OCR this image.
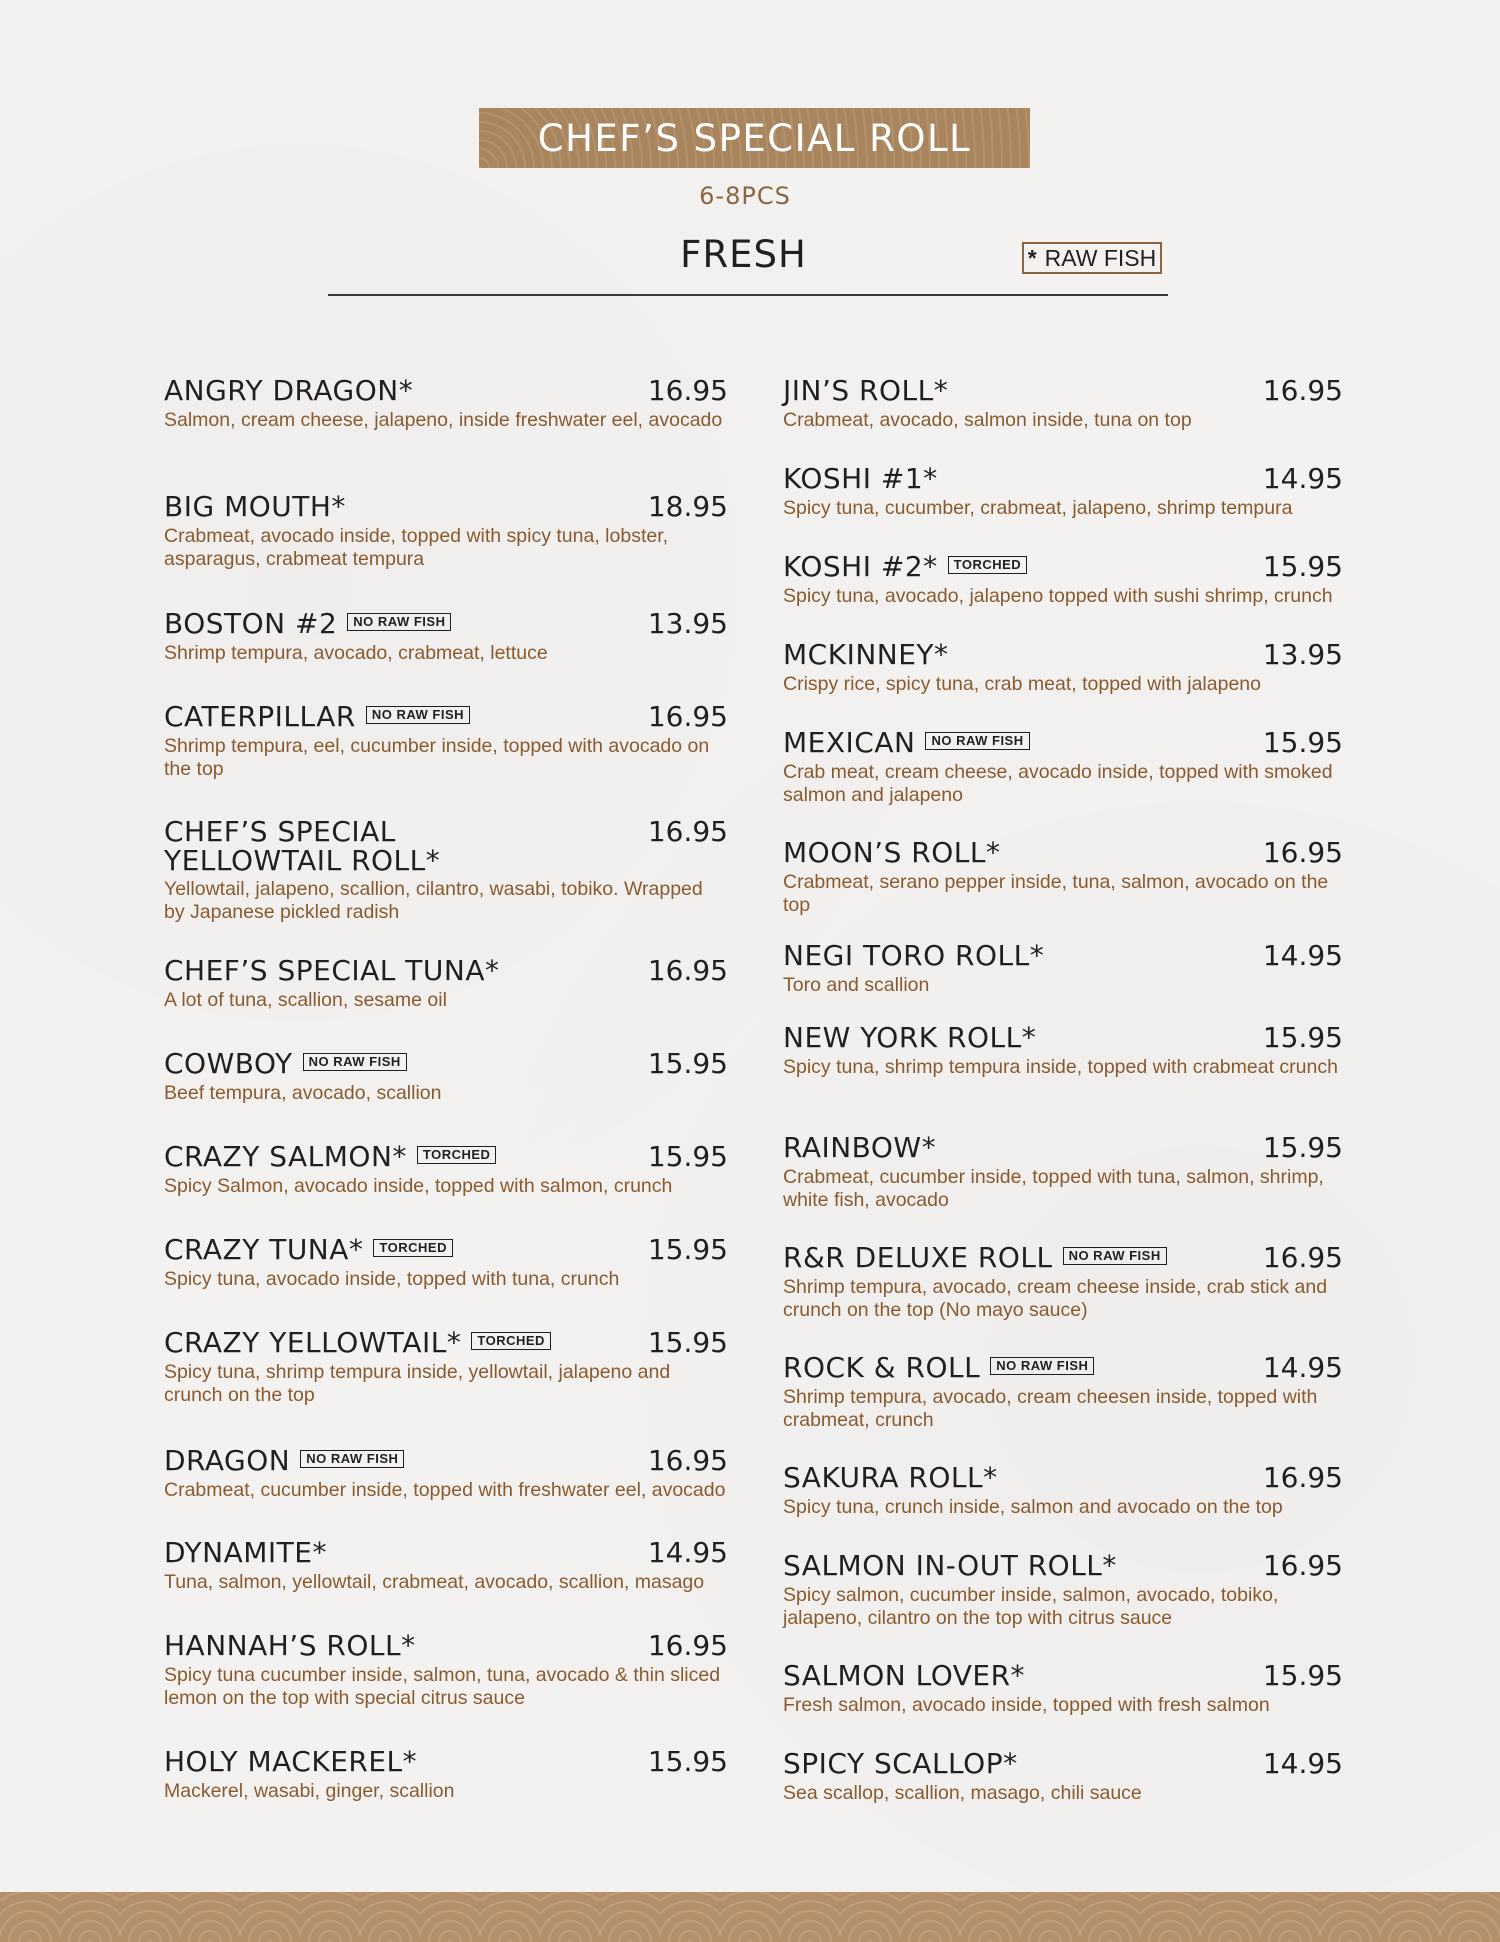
CHEF’S SPECIAL ROLL
6-8PCS
FRESH	* RAW FISH
ANGRY DRAGON*	16.95
Salmon, cream cheese, jalapeno, inside freshwater eel, avocado
BIG MOUTH*	18.95
Crabmeat, avocado inside, topped with spicy tuna, lobster, asparagus, crabmeat tempura
BOSTON #2 NO RAW FISH	13.95
Shrimp tempura, avocado, crabmeat, lettuce
CATERPILLAR NO RAW FISH	16.95
Shrimp tempura, eel, cucumber inside, topped with avocado on the top
CHEF’S SPECIAL YELLOWTAIL ROLL*
16.95
Yellowtail, jalapeno, scallion, cilantro, wasabi, tobiko. Wrapped by Japanese pickled radish
CHEF’S SPECIAL TUNA*	16.95
A lot of tuna, scallion, sesame oil
COWBOY NO RAW FISH	15.95
Beef tempura, avocado, scallion
CRAZY SALMON* TORCHED	15.95
Spicy Salmon, avocado inside, topped with salmon, crunch
CRAZY TUNA* TORCHED	15.95
Spicy tuna, avocado inside, topped with tuna, crunch
CRAZY YELLOWTAIL* TORCHED	15.95
Spicy tuna, shrimp tempura inside, yellowtail, jalapeno and crunch on the top
DRAGON NO RAW FISH	16.95
Crabmeat, cucumber inside, topped with freshwater eel, avocado
DYNAMITE*	14.95
Tuna, salmon, yellowtail, crabmeat, avocado, scallion, masago
HANNAH’S ROLL*	16.95
Spicy tuna cucumber inside, salmon, tuna, avocado & thin sliced lemon on the top with special citrus sauce
HOLY MACKEREL*	15.95
Mackerel, wasabi, ginger, scallion
JIN’S ROLL*	16.95
Crabmeat, avocado, salmon inside, tuna on top
KOSHI #1*	14.95
Spicy tuna, cucumber, crabmeat, jalapeno, shrimp tempura
KOSHI #2* TORCHED	15.95
Spicy tuna, avocado, jalapeno topped with sushi shrimp, crunch
MCKINNEY*	13.95
Crispy rice, spicy tuna, crab meat, topped with jalapeno
MEXICAN NO RAW FISH	15.95
Crab meat, cream cheese, avocado inside, topped with smoked salmon and jalapeno
MOON’S ROLL*	16.95
Crabmeat, serano pepper inside, tuna, salmon, avocado on the top
NEGI TORO ROLL*	14.95
Toro and scallion
NEW YORK ROLL*	15.95
Spicy tuna, shrimp tempura inside, topped with crabmeat crunch
RAINBOW*	15.95
Crabmeat, cucumber inside, topped with tuna, salmon, shrimp, white fish, avocado
R&R DELUXE ROLL NO RAW FISH	16.95
Shrimp tempura, avocado, cream cheese inside, crab stick and crunch on the top (No mayo sauce)
ROCK & ROLL NO RAW FISH	14.95
Shrimp tempura, avocado, cream cheesen inside, topped with crabmeat, crunch
SAKURA ROLL*	16.95
Spicy tuna, crunch inside, salmon and avocado on the top
SALMON IN-OUT ROLL*	16.95
Spicy salmon, cucumber inside, salmon, avocado, tobiko, jalapeno, cilantro on the top with citrus sauce
SALMON LOVER*	15.95
Fresh salmon, avocado inside, topped with fresh salmon
SPICY SCALLOP*	14.95
Sea scallop, scallion, masago, chili sauce
